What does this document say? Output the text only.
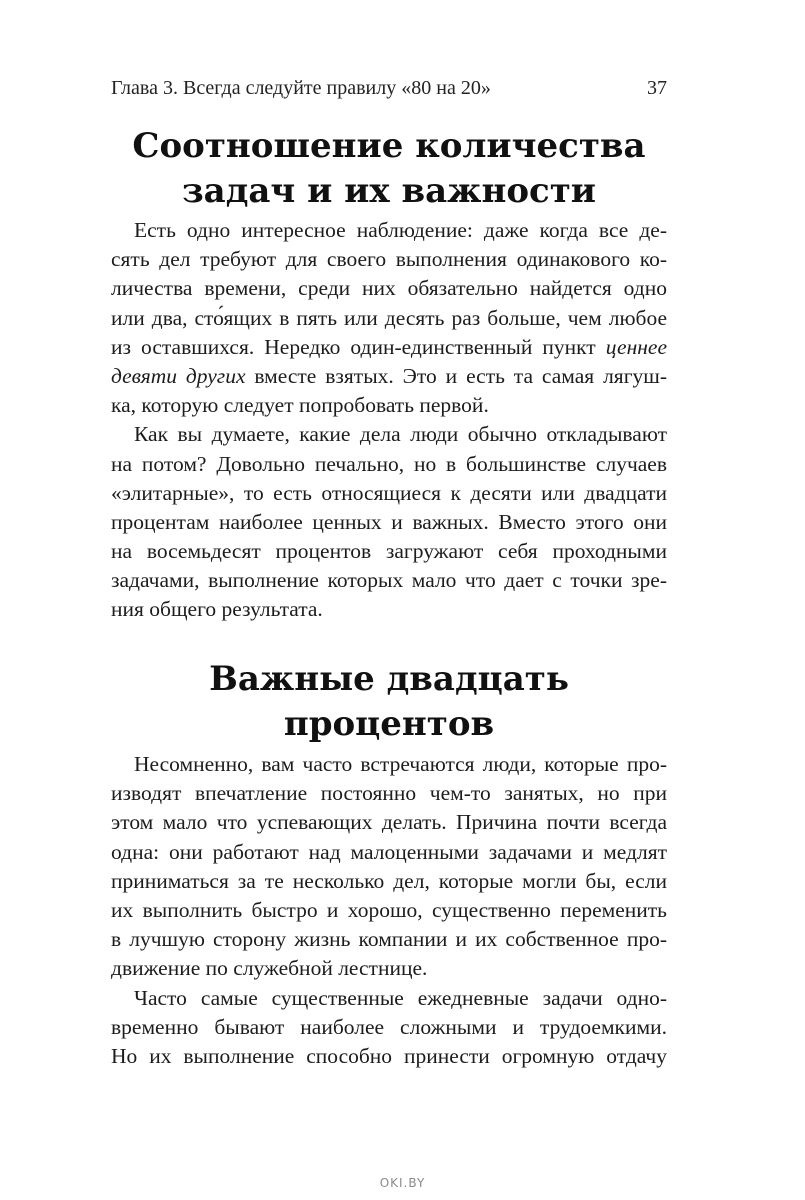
Глава 3. Всегда следуйте правилу «80 на 20»	37
Соотношение количества
задач и их важности
Есть одно интересное наблюдение: даже когда все де-
сять дел требуют для своего выполнения одинакового ко-
личества времени, среди них обязательно найдется одно
или два, сто́ящих в пять или десять раз больше, чем любое
из оставшихся. Нередко один-единственный пункт ценнее
девяти других вместе взятых. Это и есть та самая лягуш-
ка, которую следует попробовать первой.
Как вы думаете, какие дела люди обычно откладывают
на потом? Довольно печально, но в большинстве случаев
«элитарные», то есть относящиеся к десяти или двадцати
процентам наиболее ценных и важных. Вместо этого они
на восемьдесят процентов загружают себя проходными
задачами, выполнение которых мало что дает с точки зре-
ния общего результата.
Важные двадцать
процентов
Несомненно, вам часто встречаются люди, которые про-
изводят впечатление постоянно чем-то занятых, но при
этом мало что успевающих делать. Причина почти всегда
одна: они работают над малоценными задачами и медлят
приниматься за те несколько дел, которые могли бы, если
их выполнить быстро и хорошо, существенно переменить
в лучшую сторону жизнь компании и их собственное про-
движение по служебной лестнице.
Часто самые существенные ежедневные задачи одно-
временно бывают наиболее сложными и трудоемкими.
Но их выполнение способно принести огромную отдачу
OKI.BY
